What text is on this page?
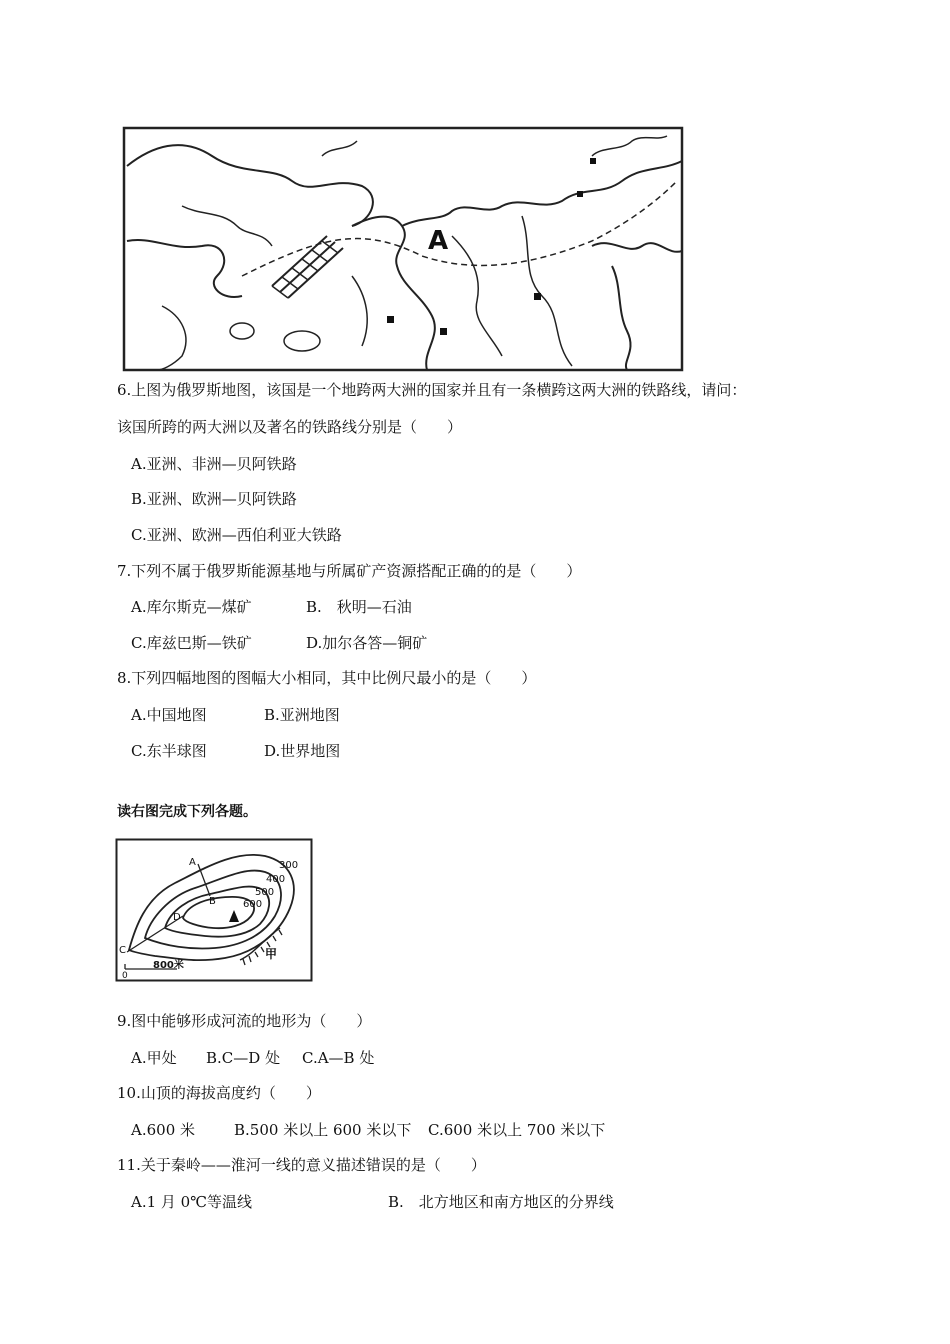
A
6.上图为俄罗斯地图，该国是一个地跨两大洲的国家并且有一条横跨这两大洲的铁路线，请问：
该国所跨的两大洲以及著名的铁路线分别是（　　）
A.亚洲、非洲—贝阿铁路
B.亚洲、欧洲—贝阿铁路
C.亚洲、欧洲—西伯利亚大铁路
7.下列不属于俄罗斯能源基地与所属矿产资源搭配正确的的是（　　）
A.库尔斯克—煤矿	B.　秋明—石油
C.库兹巴斯—铁矿	D.加尔各答—铜矿
8.下列四幅地图的图幅大小相同，其中比例尺最小的是（　　）
A.中国地图	B.亚洲地图
C.东半球图	D.世界地图
读右图完成下列各题。
300
400
500
600
A
B
C
D
甲
0
800米
9.图中能够形成河流的地形为（　　）
A.甲处 B.C—D 处 C.A—B 处
10.山顶的海拔高度约（　　）
A.600 米	B.500 米以上 600 米以下 C.600 米以上 700 米以下
11.关于秦岭——淮河一线的意义描述错误的是（　　）
A.1 月 0℃等温线	B.　北方地区和南方地区的分界线
